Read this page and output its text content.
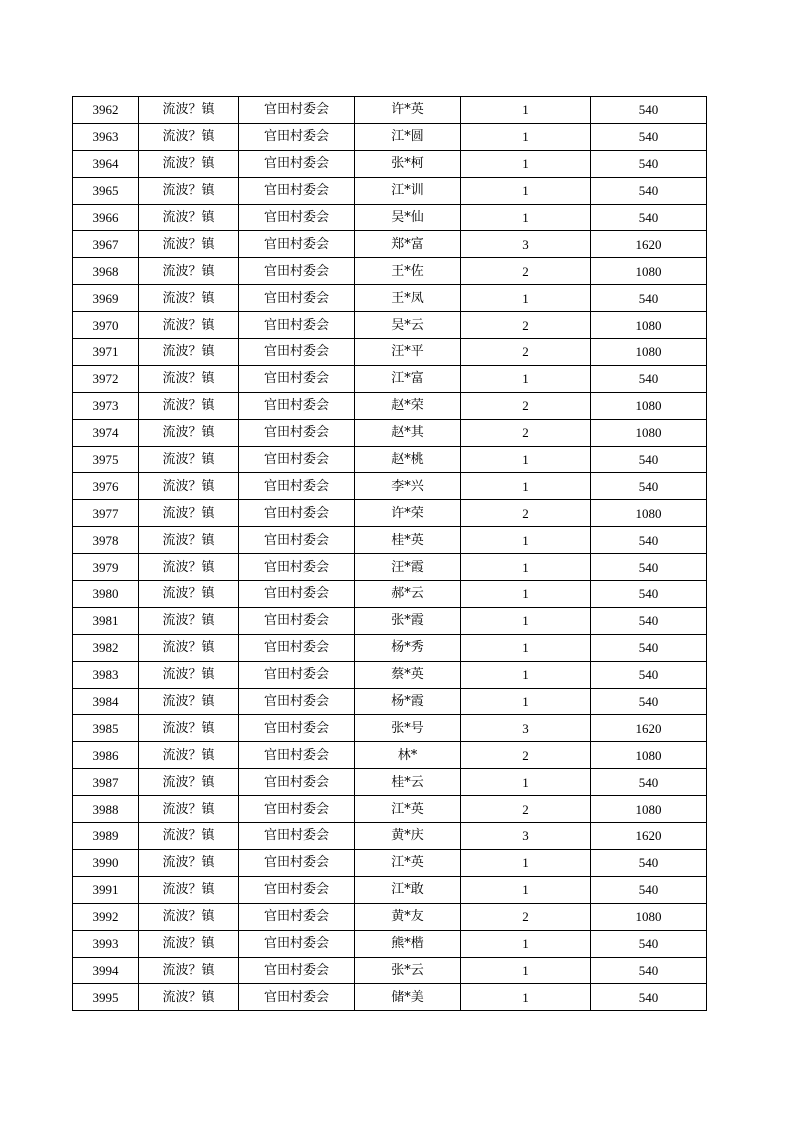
3962	流波？镇	官田村委会	许*英	1	540
3963	流波？镇	官田村委会	江*圆	1	540
3964	流波？镇	官田村委会	张*柯	1	540
3965	流波？镇	官田村委会	江*训	1	540
3966	流波？镇	官田村委会	吴*仙	1	540
3967	流波？镇	官田村委会	郑*富	3	1620
3968	流波？镇	官田村委会	王*佐	2	1080
3969	流波？镇	官田村委会	王*凤	1	540
3970	流波？镇	官田村委会	吴*云	2	1080
3971	流波？镇	官田村委会	汪*平	2	1080
3972	流波？镇	官田村委会	江*富	1	540
3973	流波？镇	官田村委会	赵*荣	2	1080
3974	流波？镇	官田村委会	赵*其	2	1080
3975	流波？镇	官田村委会	赵*桃	1	540
3976	流波？镇	官田村委会	李*兴	1	540
3977	流波？镇	官田村委会	许*荣	2	1080
3978	流波？镇	官田村委会	桂*英	1	540
3979	流波？镇	官田村委会	汪*霞	1	540
3980	流波？镇	官田村委会	郝*云	1	540
3981	流波？镇	官田村委会	张*霞	1	540
3982	流波？镇	官田村委会	杨*秀	1	540
3983	流波？镇	官田村委会	蔡*英	1	540
3984	流波？镇	官田村委会	杨*霞	1	540
3985	流波？镇	官田村委会	张*号	3	1620
3986	流波？镇	官田村委会	林*	2	1080
3987	流波？镇	官田村委会	桂*云	1	540
3988	流波？镇	官田村委会	江*英	2	1080
3989	流波？镇	官田村委会	黄*庆	3	1620
3990	流波？镇	官田村委会	江*英	1	540
3991	流波？镇	官田村委会	江*敢	1	540
3992	流波？镇	官田村委会	黄*友	2	1080
3993	流波？镇	官田村委会	熊*楷	1	540
3994	流波？镇	官田村委会	张*云	1	540
3995	流波？镇	官田村委会	储*美	1	540
